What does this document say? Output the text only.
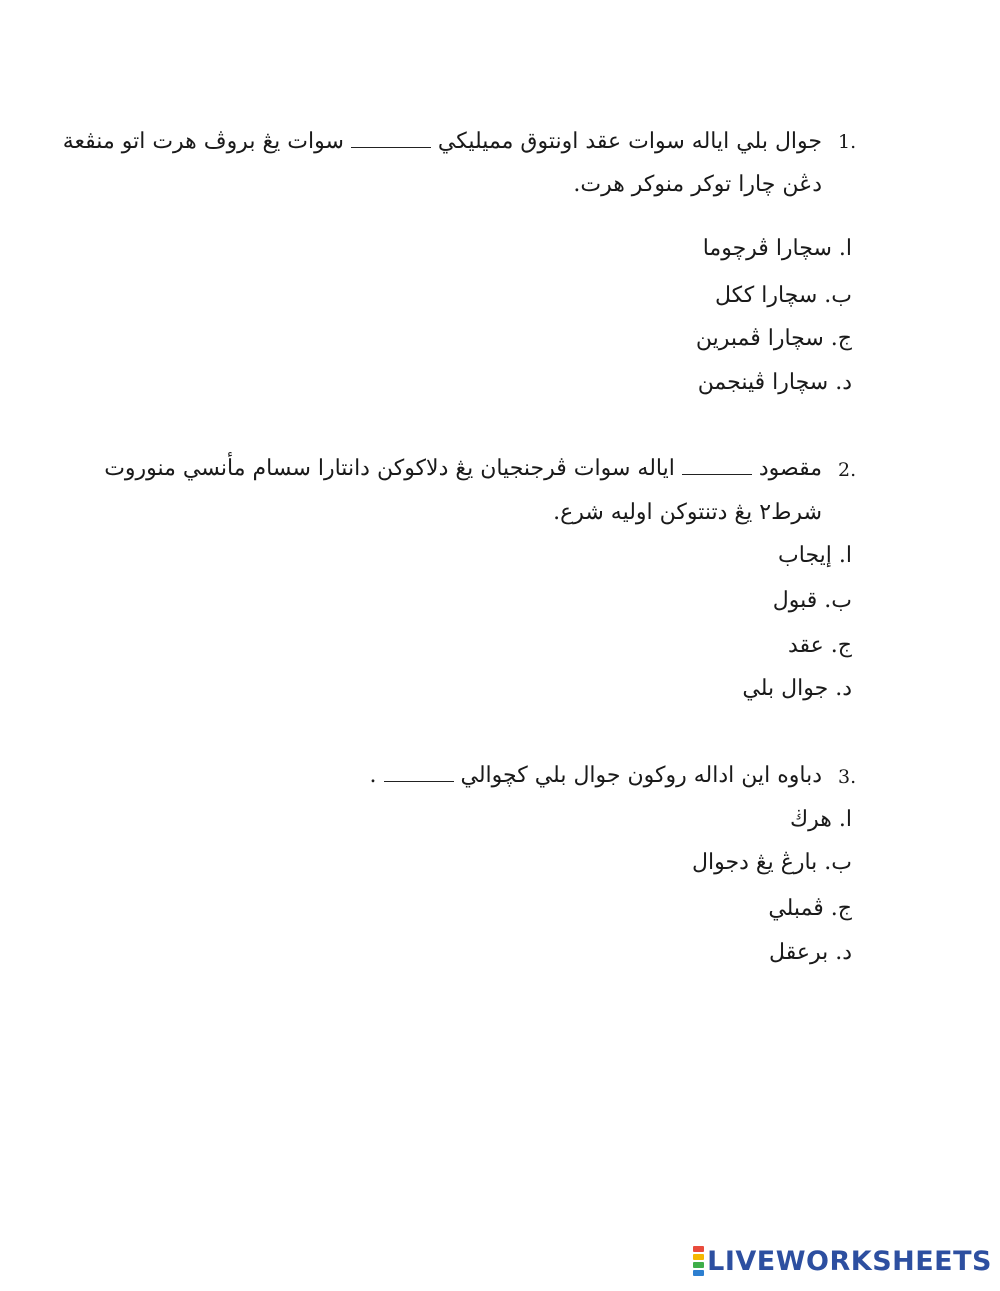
1.
جوال بلي اياله سوات عقد اونتوق مميليكي  سوات يڠ بروڤ هرت اتو منڤعة
دڠن چارا توكر منوكر هرت.
ا. سچارا ڤرچوما
ب. سچارا ككل
ج. سچارا ڤمبرين
د. سچارا ڤينجمن
2.
مقصود  اياله سوات ڤرجنجيان يڠ دلاكوكن دانتارا سسام مأنسي منوروت
شرط٢ يڠ دتنتوكن اوليه شرع.
ا. إيجاب
ب. قبول
ج. عقد
د. جوال بلي
3.
دباوه اين اداله روكون جوال بلي كچوالي  .
ا. هرڬ
ب. بارڠ يڠ دجوال
ج. ڤمبلي
د. برعقل
LIVEWORKSHEETS
